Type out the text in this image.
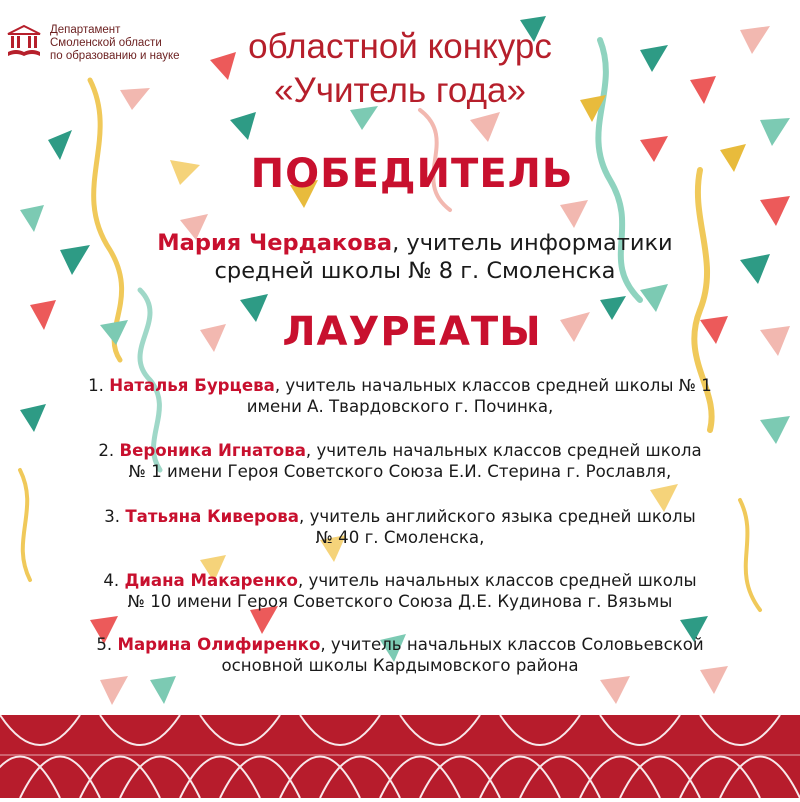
Департамент
Смоленской области
по образованию и науке	областной конкурс
«Учитель года»
ПОБЕДИТЕЛЬ
Мария Чердакова, учитель информатики
средней школы № 8 г. Смоленска
ЛАУРЕАТЫ
1. Наталья Бурцева, учитель начальных классов средней школы № 1
имени А. Твардовского г. Починка,
2. Вероника Игнатова, учитель начальных классов средней школа
№ 1 имени Героя Советского Союза Е.И. Стерина г. Рославля,
3. Татьяна Киверова, учитель английского языка средней школы
№ 40 г. Смоленска,
4. Диана Макаренко, учитель начальных классов средней школы
№ 10 имени Героя Советского Союза Д.Е. Кудинова г. Вязьмы
5. Марина Олифиренко, учитель начальных классов Соловьевской
основной школы Кардымовского района
